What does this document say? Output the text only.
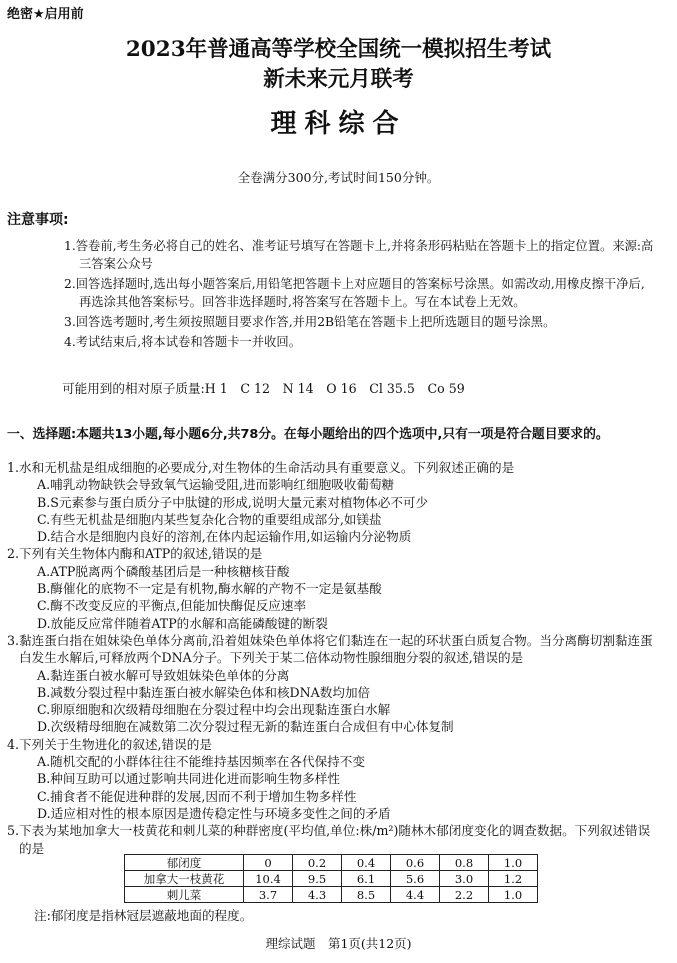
绝密★启用前
2023年普通高等学校全国统一模拟招生考试
新未来元月联考
理科综合
全卷满分300分,考试时间150分钟。
注意事项:

1.答卷前,考生务必将自己的姓名、准考证号填写在答题卡上,并将条形码粘贴在答题卡上的指定位置。来源:高三答案公众号

2.回答选择题时,选出每小题答案后,用铅笔把答题卡上对应题目的答案标号涂黑。如需改动,用橡皮擦干净后,再选涂其他答案标号。回答非选择题时,将答案写在答题卡上。写在本试卷上无效。

3.回答选考题时,考生须按照题目要求作答,并用2B铅笔在答题卡上把所选题目的题号涂黑。

4.考试结束后,将本试卷和答题卡一并收回。

可能用到的相对原子质量:H 1　C 12　N 14　O 16　Cl 35.5　Co 59
一、选择题:本题共13小题,每小题6分,共78分。在每小题给出的四个选项中,只有一项是符合题目要求的。
1.水和无机盐是组成细胞的必要成分,对生物体的生命活动具有重要意义。下列叙述正确的是
A.哺乳动物缺铁会导致氧气运输受阻,进而影响红细胞吸收葡萄糖
B.S元素参与蛋白质分子中肽键的形成,说明大量元素对植物体必不可少
C.有些无机盐是细胞内某些复杂化合物的重要组成部分,如镁盐
D.结合水是细胞内良好的溶剂,在体内起运输作用,如运输内分泌物质
2.下列有关生物体内酶和ATP的叙述,错误的是
A.ATP脱离两个磷酸基团后是一种核糖核苷酸
B.酶催化的底物不一定是有机物,酶水解的产物不一定是氨基酸
C.酶不改变反应的平衡点,但能加快酶促反应速率
D.放能反应常伴随着ATP的水解和高能磷酸键的断裂
3.黏连蛋白指在姐妹染色单体分离前,沿着姐妹染色单体将它们黏连在一起的环状蛋白质复合物。当分离酶切割黏连蛋白发生水解后,可释放两个DNA分子。下列关于某二倍体动物性腺细胞分裂的叙述,错误的是
A.黏连蛋白被水解可导致姐妹染色单体的分离
B.减数分裂过程中黏连蛋白被水解染色体和核DNA数均加倍
C.卵原细胞和次级精母细胞在分裂过程中均会出现黏连蛋白水解
D.次级精母细胞在减数第二次分裂过程无新的黏连蛋白合成但有中心体复制
4.下列关于生物进化的叙述,错误的是
A.随机交配的小群体往往不能维持基因频率在各代保持不变
B.种间互助可以通过影响共同进化进而影响生物多样性
C.捕食者不能促进种群的发展,因而不利于增加生物多样性
D.适应相对性的根本原因是遗传稳定性与环境多变性之间的矛盾
5.下表为某地加拿大一枝黄花和刺儿菜的种群密度(平均值,单位:株/m²)随林木郁闭度变化的调查数据。下列叙述错误的是
郁闭度	0	0.2	0.4	0.6	0.8	1.0
加拿大一枝黄花	10.4	9.5	6.1	5.6	3.0	1.2
刺儿菜	3.7	4.3	8.5	4.4	2.2	1.0
注:郁闭度是指林冠层遮蔽地面的程度。
理综试题　第1页(共12页)
